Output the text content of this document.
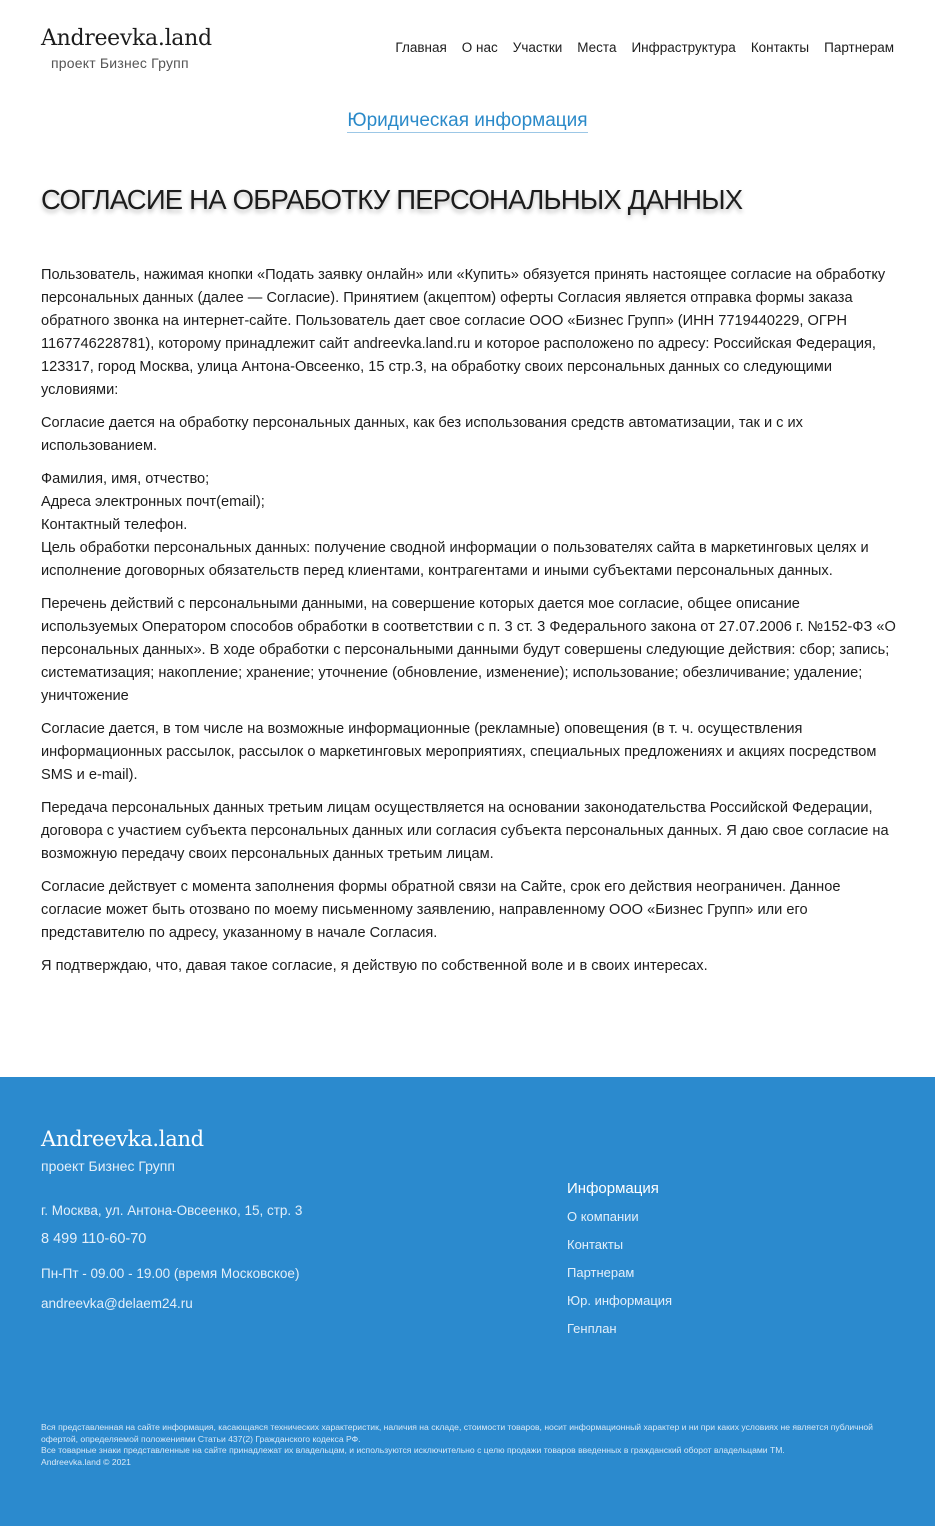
Andreevka.land
проект Бизнес Групп
Главная О нас Участки Места Инфраструктура Контакты Партнерам
Юридическая информация
СОГЛАСИЕ НА ОБРАБОТКУ ПЕРСОНАЛЬНЫХ ДАННЫХ

Пользователь, нажимая кнопки «Подать заявку онлайн» или «Купить» обязуется принять настоящее согласие на обработку персональных данных (далее — Согласие). Принятием (акцептом) оферты Согласия является отправка формы заказа обратного звонка на интернет-сайте. Пользователь дает свое согласие ООО «Бизнес Групп» (ИНН 7719440229, ОГРН 1167746228781), которому принадлежит сайт andreevka.land.ru и которое расположено по адресу: Российская Федерация, 123317, город Москва, улица Антона-Овсеенко, 15 стр.3, на обработку своих персональных данных со следующими условиями:

Согласие дается на обработку персональных данных, как без использования средств автоматизации, так и с их использованием.

Фамилия, имя, отчество;
Адреса электронных почт(email);
Контактный телефон.
Цель обработки персональных данных: получение сводной информации о пользователях сайта в маркетинговых целях и исполнение договорных обязательств перед клиентами, контрагентами и иными субъектами персональных данных.

Перечень действий с персональными данными, на совершение которых дается мое согласие, общее описание используемых Оператором способов обработки в соответствии с п. 3 ст. 3 Федерального закона от 27.07.2006 г. №152-ФЗ «О персональных данных». В ходе обработки с персональными данными будут совершены следующие действия: сбор; запись; систематизация; накопление; хранение; уточнение (обновление, изменение); использование; обезличивание; удаление; уничтожение

Согласие дается, в том числе на возможные информационные (рекламные) оповещения (в т. ч. осуществления информационных рассылок, рассылок о маркетинговых мероприятиях, специальных предложениях и акциях посредством SMS и e-mail).

Передача персональных данных третьим лицам осуществляется на основании законодательства Российской Федерации, договора с участием субъекта персональных данных или согласия субъекта персональных данных. Я даю свое согласие на возможную передачу своих персональных данных третьим лицам.

Согласие действует с момента заполнения формы обратной связи на Сайте, срок его действия неограничен. Данное согласие может быть отозвано по моему письменному заявлению, направленному ООО «Бизнес Групп» или его представителю по адресу, указанному в начале Согласия.

Я подтверждаю, что, давая такое согласие, я действую по собственной воле и в своих интересах.

Andreevka.land
проект Бизнес Групп
г. Москва, ул. Антона-Овсеенко, 15, стр. 3
8 499 110-60-70
Пн-Пт - 09.00 - 19.00 (время Московское)
andreevka@delaem24.ru
Информация
О компании
Контакты
Партнерам
Юр. информация
Генплан
Вся представленная на сайте информация, касающаяся технических характеристик, наличия на складе, стоимости товаров, носит информационный характер и ни при каких условиях не является публичной офертой, определяемой положениями Статьи 437(2) Гражданского кодекса РФ.
Все товарные знаки представленные на сайте принадлежат их владельцам, и используются исключительно с целю продажи товаров введенных в гражданский оборот владельцами ТМ.
Andreevka.land © 2021
